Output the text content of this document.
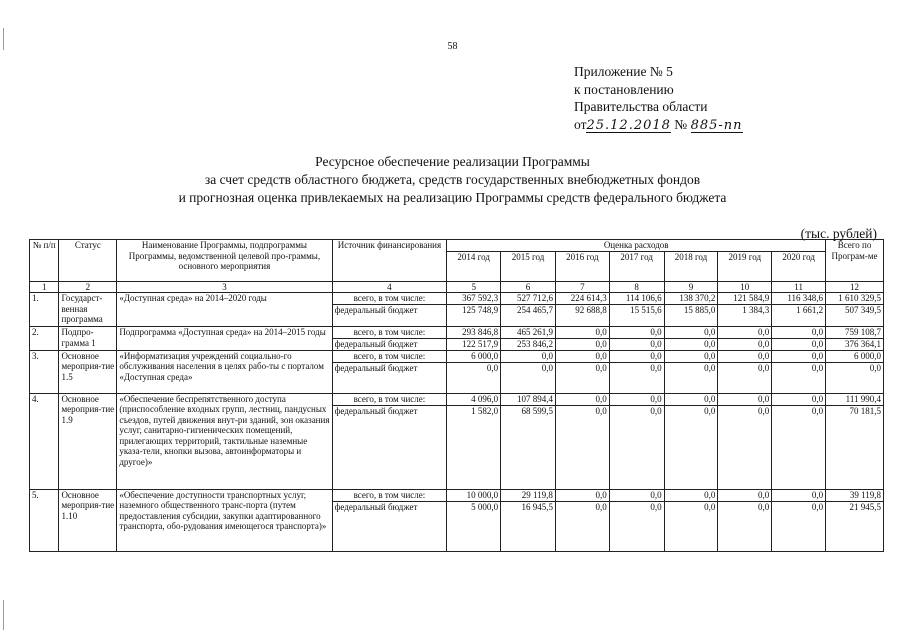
58
Приложение № 5
к постановлению
Правительства области
от25.12.2018 № 885-пп
Ресурсное обеспечение реализации Программы
за счет средств областного бюджета, средств государственных внебюджетных фондов
и прогнозная оценка привлекаемых на реализацию Программы средств федерального бюджета
(тыс. рублей)
№ п/п	Статус	Наименование Программы, подпрограммы Программы, ведомственной целевой про-граммы, основного мероприятия	Источник финансирования	Оценка расходов							Всего по Програм-ме
				2014 год	2015 год	2016 год	2017 год	2018 год	2019 год	2020 год	
1	2	3	4	5	6	7	8	9	10	11	12
1.	Государст-венная программа	«Доступная среда» на 2014–2020 годы	всего, в том числе:	367 592,3	527 712,6	224 614,3	114 106,6	138 370,2	121 584,9	116 348,6	1 610 329,5
			федеральный бюджет	125 748,9	254 465,7	92 688,8	15 515,6	15 885,0	1 384,3	1 661,2	507 349,5
2.	Подпро-грамма 1	Подпрограмма «Доступная среда» на 2014–2015 годы	всего, в том числе:	293 846,8	465 261,9	0,0	0,0	0,0	0,0	0,0	759 108,7
			федеральный бюджет	122 517,9	253 846,2	0,0	0,0	0,0	0,0	0,0	376 364,1
3.	Основное мероприя-тие 1.5	«Информатизация учреждений социально-го обслуживания населения в целях рабо-ты с порталом «Доступная среда»	всего, в том числе:	6 000,0	0,0	0,0	0,0	0,0	0,0	0,0	6 000,0
			федеральный бюджет	0,0	0,0	0,0	0,0	0,0	0,0	0,0	0,0
4.	Основное мероприя-тие 1.9	«Обеспечение беспрепятственного доступа (приспособление входных групп, лестниц, пандусных съездов, путей движения внут-ри зданий, зон оказания услуг, санитарно-гигиенических помещений, прилегающих территорий, тактильные наземные указа-тели, кнопки вызова, автоинформаторы и другое)»	всего, в том числе:	4 096,0	107 894,4	0,0	0,0	0,0	0,0	0,0	111 990,4
			федеральный бюджет	1 582,0	68 599,5	0,0	0,0	0,0	0,0	0,0	70 181,5
5.	Основное мероприя-тие 1.10	«Обеспечение доступности транспортных услуг, наземного общественного транс-порта (путем предоставления субсидии, закупки адаптированного транспорта, обо-рудования имеющегося транспорта)»	всего, в том числе:	10 000,0	29 119,8	0,0	0,0	0,0	0,0	0,0	39 119,8
			федеральный бюджет	5 000,0	16 945,5	0,0	0,0	0,0	0,0	0,0	21 945,5
